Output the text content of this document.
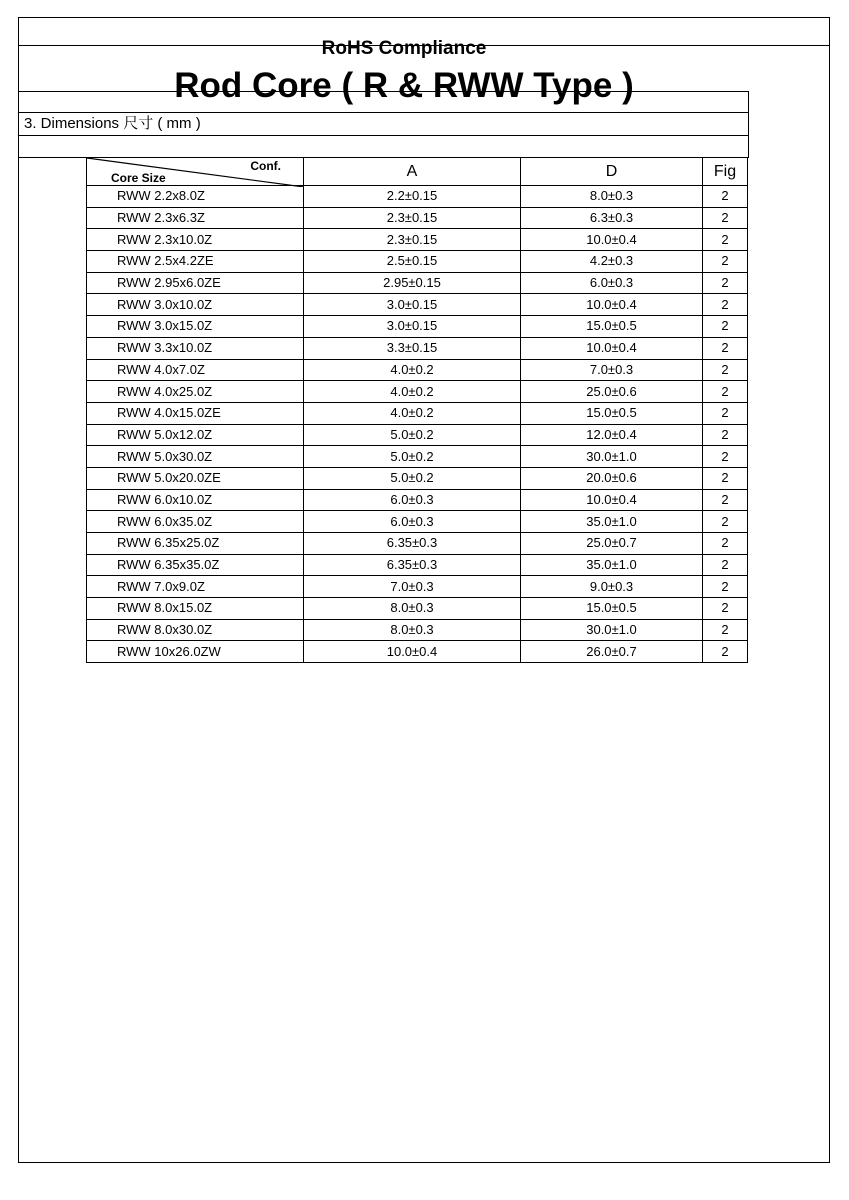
RoHS Compliance
Rod Core ( R & RWW Type )
3. Dimensions 尺寸 ( mm )
Conf.
Core Size	A	D	Fig
RWW 2.2x8.0Z	2.2±0.15	8.0±0.3	2
RWW 2.3x6.3Z	2.3±0.15	6.3±0.3	2
RWW 2.3x10.0Z	2.3±0.15	10.0±0.4	2
RWW 2.5x4.2ZE	2.5±0.15	4.2±0.3	2
RWW 2.95x6.0ZE	2.95±0.15	6.0±0.3	2
RWW 3.0x10.0Z	3.0±0.15	10.0±0.4	2
RWW 3.0x15.0Z	3.0±0.15	15.0±0.5	2
RWW 3.3x10.0Z	3.3±0.15	10.0±0.4	2
RWW 4.0x7.0Z	4.0±0.2	7.0±0.3	2
RWW 4.0x25.0Z	4.0±0.2	25.0±0.6	2
RWW 4.0x15.0ZE	4.0±0.2	15.0±0.5	2
RWW 5.0x12.0Z	5.0±0.2	12.0±0.4	2
RWW 5.0x30.0Z	5.0±0.2	30.0±1.0	2
RWW 5.0x20.0ZE	5.0±0.2	20.0±0.6	2
RWW 6.0x10.0Z	6.0±0.3	10.0±0.4	2
RWW 6.0x35.0Z	6.0±0.3	35.0±1.0	2
RWW 6.35x25.0Z	6.35±0.3	25.0±0.7	2
RWW 6.35x35.0Z	6.35±0.3	35.0±1.0	2
RWW 7.0x9.0Z	7.0±0.3	9.0±0.3	2
RWW 8.0x15.0Z	8.0±0.3	15.0±0.5	2
RWW 8.0x30.0Z	8.0±0.3	30.0±1.0	2
RWW 10x26.0ZW	10.0±0.4	26.0±0.7	2
